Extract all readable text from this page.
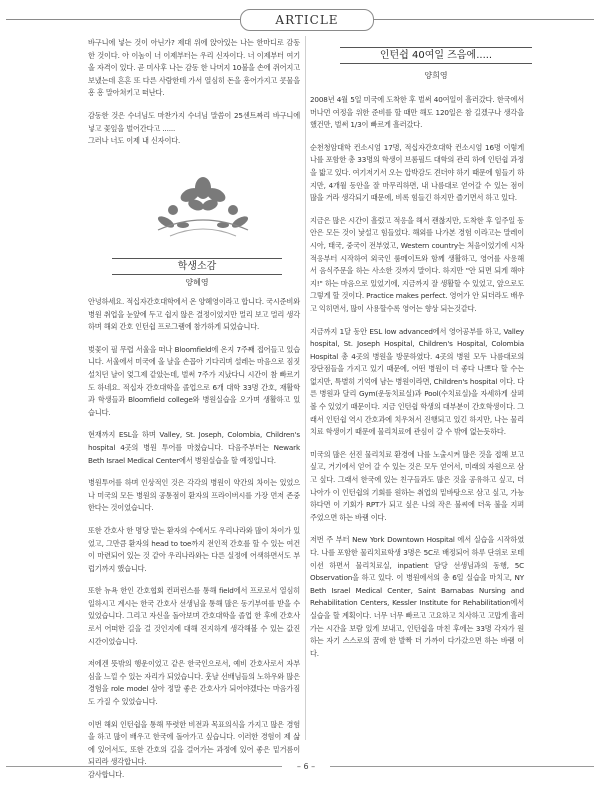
ARTICLE

바구니에 넣는 것이 아닌가? 제대 위에 앉아있는 나는 한마디로 감동한 것이다. 아 이놈이 너 이제부터는 우리 신자이다. 너 이제부터 여기 올 자격이 있다. 곧 미사후 나는 감동 한 나머지 10불을 손에 쥐어지고 보냈는데 흔흔 또 다른 사람한테 가서 열심히 돈을 흥어가지고 콧물을 흥 흥 말아쳐키고 떠난다.

감동한 것은 수녀님도 마찬가지 수녀님 말씀이 25센트짜리 바구니에 넣고 꽃잎을 벌어간다고 ......
그러나 너도 이제 내 신자이다.

학생소감
양혜영

안녕하세요. 적십자간호대학에서 온 양혜영이라고 합니다. 국시준비와 병원 취업을 눈앞에 두고 쉽지 않은 결정이었지만 멀리 보고 멀리 생각하며 해외 간호 인턴쉽 프로그램에 참가하게 되었습니다.

벚꽃이 필 무렵 서울을 떠나 Bloomfield에 온지 7주째 접어들고 있습니다. 서울에서 미국에 올 날을 손꼽아 기다리며 설레는 마음으로 짐짓 설치던 날이 엊그제 같았는데, 벌써 7주가 지났다니 시간이 참 빠르기도 하네요. 적십자 간호대학을 졸업으로 6개 대학 33명 간호, 재활학과 학생들과 Bloomfield college와 병원실습을 오가며 생활하고 있습니다.

현재까지 ESL을 하며 Valley, St. Joseph, Colombia, Children's hospital 4곳의 병원 투어를 마쳤습니다. 다음주부터는 Newark Beth Israel Medical Center에서 병원실습을 할 예정입니다.

병원투어를 하며 인상적인 것은 각각의 병원이 약간의 차이는 있었으나 미국의 모든 병원의 공통점이 환자의 프라이버시를 가장 먼저 존중한다는 것이었습니다.

또한 간호사 한 명당 맡는 환자의 수에서도 우리나라와 많이 차이가 있었고, 그만큼 환자의 head to toe까지 전인적 간호를 할 수 있는 여건이 마련되어 있는 것 같아 우리나라와는 다른 실정에 어색하면서도 부럽기까지 했습니다.

또한 뉴욕 한인 간호협회 컨퍼런스를 통해 field에서 프로로서 열심히 일하시고 계시는 한국 간호사 선생님을 통해 많은 동기부여를 받을 수 있었습니다. 그리고 자신을 돌아보며 간호대학을 졸업 한 후에 간호사로서 어떠한 길을 걸 것인지에 대해 진지하게 생각해볼 수 있는 값진 시간이었습니다.

저에겐 뜻밖의 행운이었고 같은 한국인으로서, 예비 간호사로서 자부심을 느낄 수 있는 자리가 되었습니다. 훗날 선배님들의 노하우와 많은 경험을 role model 삼아 정말 좋은 간호사가 되어야겠다는 마음가짐도 가질 수 있었습니다.

이번 해외 인턴쉽을 통해 뚜렷한 비전과 목표의식을 가지고 많은 경험을 하고 많이 배우고 한국에 돌아가고 싶습니다. 이러한 경험이 제 삶에 있어서도, 또한 간호의 길을 걸어가는 과정에 있어 좋은 밑거름이 되리라 생각합니다.
감사합니다.

인턴쉽 40여일 즈음에.....
양희영

2008년 4월 5일 미국에 도착한 후 벌써 40여일이 흘러갔다. 한국에서 머나먼 여정을 위한 준비를 할 때만 해도 120일은 참 길겠구나 생각을 했건만, 벌써 1/3이 빠르게 흘러갔다.

순천청암대학 컨소시엄 17명, 적십자간호대학 컨소시엄 16명 이렇게 나를 포함한 총 33명의 학생이 브롬필드 대학의 관리 하에 인턴쉽 과정을 밟고 있다. 여기저기서 오는 압박감도 견더야 하기 때문에 힘들기 하지만, 4개월 동안을 잘 마무리하면, 내 나름대로 얻어갈 수 있는 점이 많을 거라 생각되기 때문에, 비록 힘들긴 하지만 즐기면서 하고 있다.

지금은 많은 시간이 흘렀고 적응을 해서 괜찮지만, 도착한 후 일주일 동안은 모든 것이 낯설고 힘들었다. 해외를 나가본 경험 이라고는 말레이시아, 태국, 중국이 전부였고, Western country는 처음이었기에 시차적응부터 시작하여 외국인 룸메이트와 함께 생활하고, 영어를 사용해서 음식주문을 하는 사소한 것까지 말이다. 하지만 "안 되면 되게 해야지!" 하는 마음으로 있었기에, 지금까지 잘 생활할 수 있었고, 앞으로도 그렇게 할 것이다. Practice makes perfect. 영어가 안 되더라도 배우고 익히면서, 많이 사용할수록 영어는 향상 되는것같다.

지금까지 1달 동안 ESL low advanced에서 영어공부를 하고, Valley hospital, St. Joseph Hospital, Children's Hospital, Colombia Hospital 총 4곳의 병원을 방문하였다. 4곳의 병원 모두 나름대로의 장단점들을 가지고 있기 때문에, 어떤 병원이 더 좋다 나쁘다 할 수는 없지만, 특별히 기억에 남는 병원이라면, Children's hospital 이다. 다른 병원과 달리 Gym(운동치료실)과 Pool(수치료실)을 자세하게 살펴볼 수 있었기 때문이다. 지금 인턴쉽 학생의 대부분이 간호학생이다. 그래서 인턴쉽 역시 간호과에 치우쳐서 진행되고 있긴 하지만, 나는 물리치료 학생이기 때문에 물리치료에 관심이 갈 수 밖에 없는듯하다.

미국의 많은 선진 물리치료 환경에 나를 노출시켜 많은 것을 접해 보고 싶고, 거기에서 얻어 갈 수 있는 것은 모두 얻어서, 미래의 자원으로 삼고 싶다. 그래서 한국에 있는 친구들과도 많은 것을 공유하고 싶고, 더 나아가 이 인턴쉽의 기회를 원하는 취업의 밑바탕으로 삼고 싶고, 가능하다면 이 기회가 RPT가 되고 싶은 나의 작은 불씨에 더욱 불을 지펴 주었으면 하는 바램 이다.

저번 주 부터 New York Downtown Hospital 에서 실습을 시작하였다. 나를 포함한 물리치료학생 3명은 5C로 배정되어 하루 단위로 로테이션 하면서 물리치료실, inpatient 담당 선생님과의 동행, 5C Observation을 하고 있다. 이 병원에서의 총 6일 실습을 마치고, NY Beth Israel Medical Center, Saint Barnabas Nursing and Rehabilitation Centers, Kessler Institute for Rehabilitation에서 실습을 할 계획이다. 너무 너무 빠르고 고요하고 치사하고 고맙게 흘러가는 시간을 보람 있게 보내고, 인턴쉽을 마친 후에는 33명 각자가 원하는 자기 스스로의 꿈에 한 발짝 더 가까이 다가갔으면 하는 바램 이다.

– 6 –
